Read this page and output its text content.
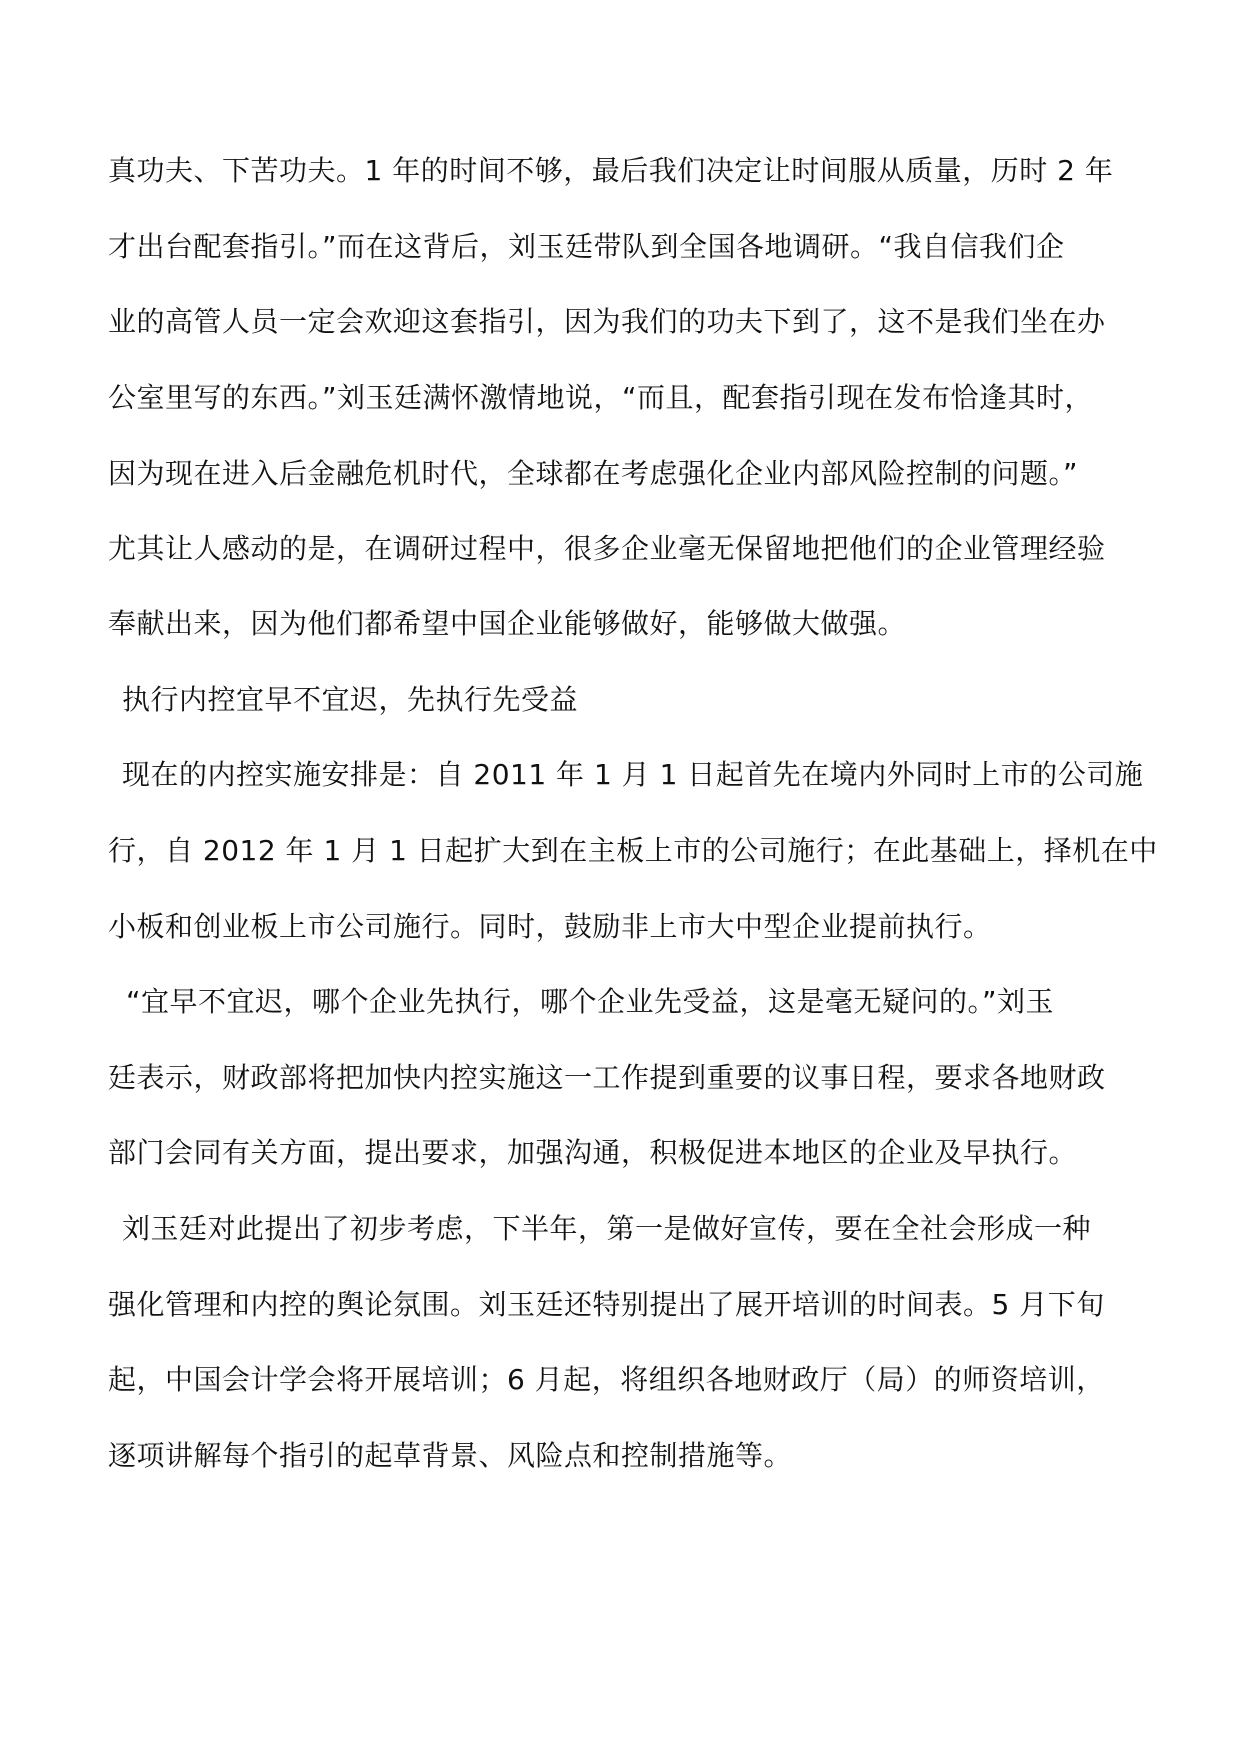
真功夫、下苦功夫。1 年的时间不够，最后我们决定让时间服从质量，历时 2 年
才出台配套指引。”而在这背后，刘玉廷带队到全国各地调研。“我自信我们企
业的高管人员一定会欢迎这套指引，因为我们的功夫下到了，这不是我们坐在办
公室里写的东西。”刘玉廷满怀激情地说，“而且，配套指引现在发布恰逢其时，
因为现在进入后金融危机时代，全球都在考虑强化企业内部风险控制的问题。”
尤其让人感动的是，在调研过程中，很多企业毫无保留地把他们的企业管理经验
奉献出来，因为他们都希望中国企业能够做好，能够做大做强。
执行内控宜早不宜迟，先执行先受益
现在的内控实施安排是：自 2011 年 1 月 1 日起首先在境内外同时上市的公司施
行，自 2012 年 1 月 1 日起扩大到在主板上市的公司施行；在此基础上，择机在中
小板和创业板上市公司施行。同时，鼓励非上市大中型企业提前执行。
“宜早不宜迟，哪个企业先执行，哪个企业先受益，这是毫无疑问的。”刘玉
廷表示，财政部将把加快内控实施这一工作提到重要的议事日程，要求各地财政
部门会同有关方面，提出要求，加强沟通，积极促进本地区的企业及早执行。
刘玉廷对此提出了初步考虑，下半年，第一是做好宣传，要在全社会形成一种
强化管理和内控的舆论氛围。刘玉廷还特别提出了展开培训的时间表。5 月下旬
起，中国会计学会将开展培训；6 月起，将组织各地财政厅（局）的师资培训，
逐项讲解每个指引的起草背景、风险点和控制措施等。
